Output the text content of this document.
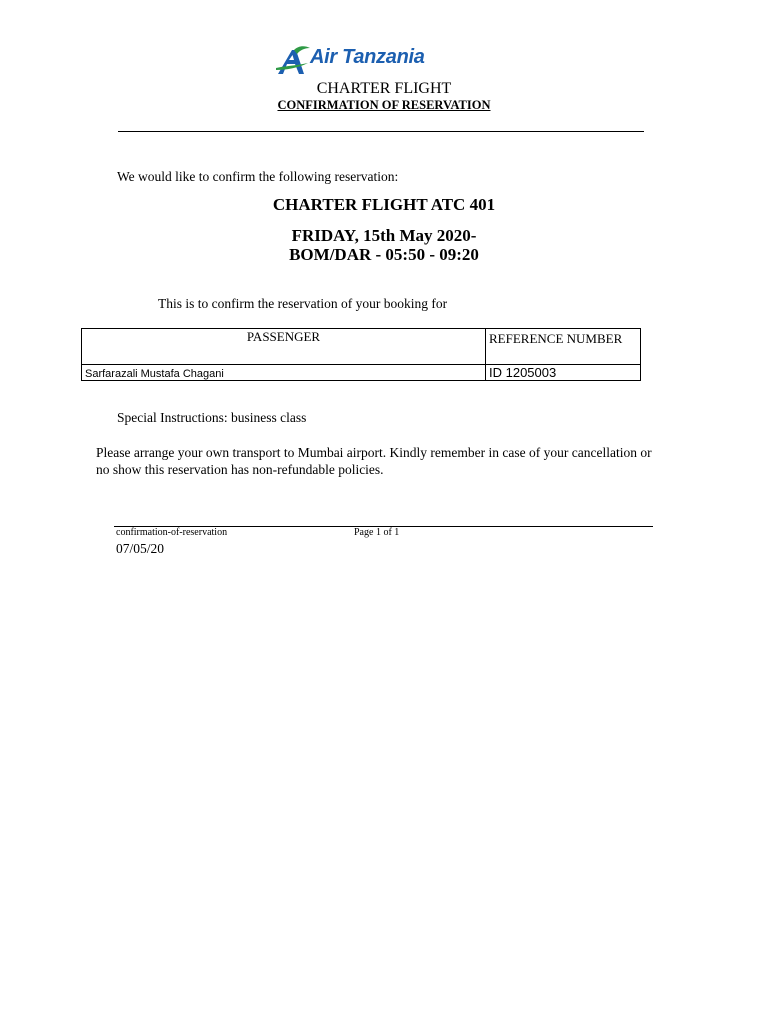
Air Tanzania
CHARTER FLIGHT
CONFIRMATION OF RESERVATION
We would like to confirm the following reservation:
CHARTER FLIGHT ATC 401
FRIDAY, 15th May 2020-
BOM/DAR - 05:50 - 09:20
This is to confirm the reservation of your booking for
PASSENGER	REFERENCE NUMBER
Sarfarazali Mustafa Chagani	ID 1205003
Special Instructions: business class
Please arrange your own transport to Mumbai airport. Kindly remember in case of your cancellation or no show this reservation has non-refundable policies.
confirmation-of-reservation	Page 1 of 1
07/05/20
